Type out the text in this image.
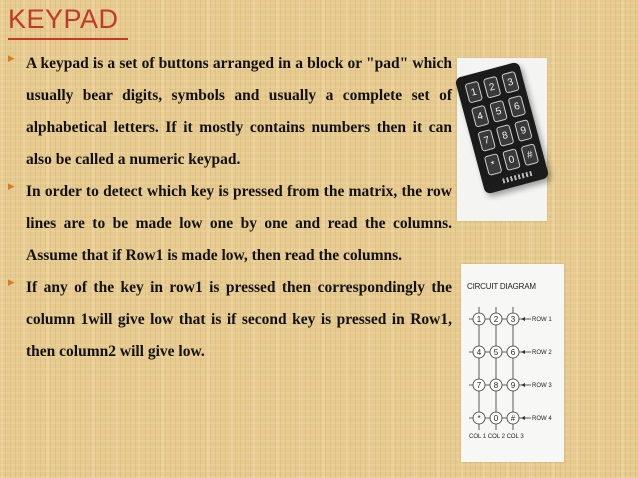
KEYPAD
▸ A keypad is a set of buttons arranged in a block or "pad" which usually bear digits, symbols and usually a complete set of alphabetical letters. If it mostly contains numbers then it can also be called a numeric keypad.
▸ In order to detect which key is pressed from the matrix, the row lines are to be made low one by one and read the columns. Assume that if Row1 is made low, then read the columns.
▸ If any of the key in row1 is pressed then correspondingly the column 1will give low that is if second key is pressed in Row1, then column2 will give low.
1	2	3
4	5	6
7	8	9
*	0	#
CIRCUIT DIAGRAM
1 2 3	ROW 1
4 5 6	ROW 2
7 8 9	ROW 3
* 0 #	ROW 4
COL 1 COL 2 COL 3
